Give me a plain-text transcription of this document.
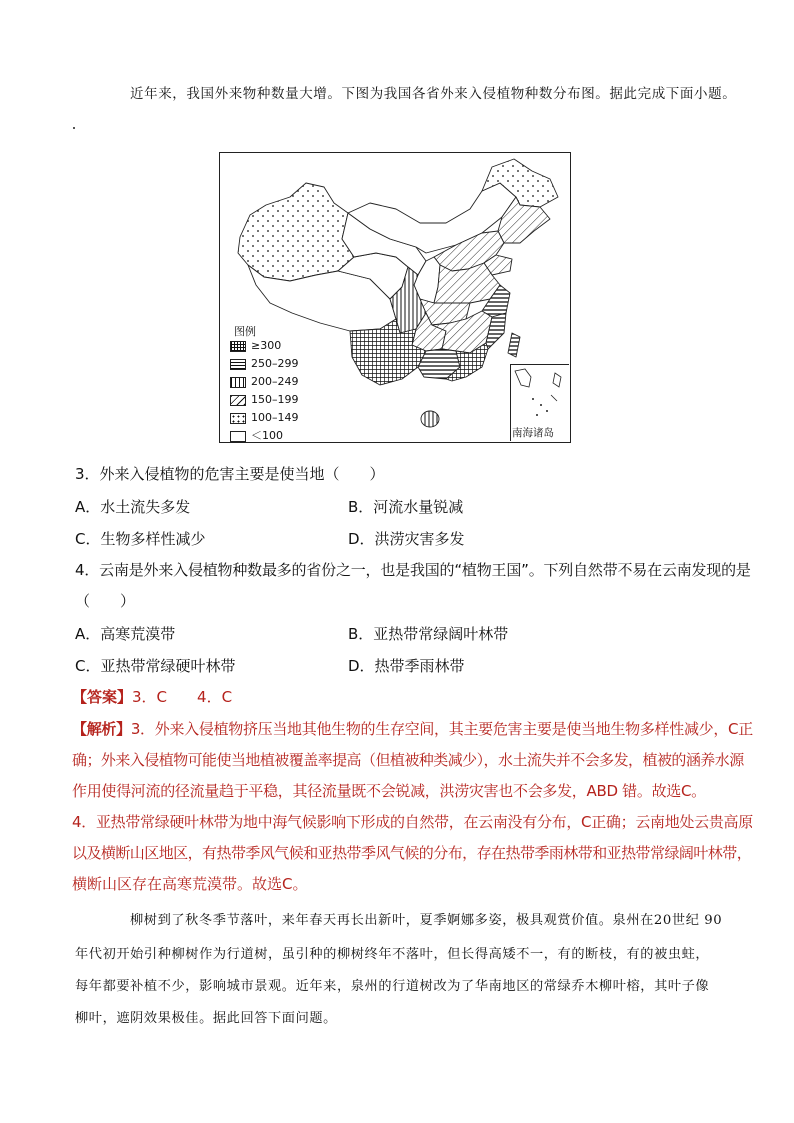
近年来，我国外来物种数量大增。下图为我国各省外来入侵植物种数分布图。据此完成下面小题。
图例
≥300
250–299
200–249
150–199
100–149
＜100	南海诸岛
3．外来入侵植物的危害主要是使当地（　　）
A．水土流失多发	B．河流水量锐减
C．生物多样性减少	D．洪涝灾害多发
4．云南是外来入侵植物种数最多的省份之一，也是我国的“植物王国”。下列自然带不易在云南发现的是
（　　）
A．高寒荒漠带	B．亚热带常绿阔叶林带
C．亚热带常绿硬叶林带	D．热带季雨林带
【答案】3．C　　4．C
【解析】3．外来入侵植物挤压当地其他生物的生存空间，其主要危害主要是使当地生物多样性减少，C正
确；外来入侵植物可能使当地植被覆盖率提高（但植被种类减少），水土流失并不会多发，植被的涵养水源
作用使得河流的径流量趋于平稳，其径流量既不会锐减，洪涝灾害也不会多发，ABD 错。故选C。
4．亚热带常绿硬叶林带为地中海气候影响下形成的自然带，在云南没有分布，C正确；云南地处云贵高原
以及横断山区地区，有热带季风气候和亚热带季风气候的分布，存在热带季雨林带和亚热带常绿阔叶林带，
横断山区存在高寒荒漠带。故选C。
柳树到了秋冬季节落叶，来年春天再长出新叶，夏季婀娜多姿，极具观赏价值。泉州在20世纪 90
年代初开始引种柳树作为行道树，虽引种的柳树终年不落叶，但长得高矮不一，有的断枝，有的被虫蛀，
每年都要补植不少，影响城市景观。近年来，泉州的行道树改为了华南地区的常绿乔木柳叶榕，其叶子像
柳叶，遮阴效果极佳。据此回答下面问题。
